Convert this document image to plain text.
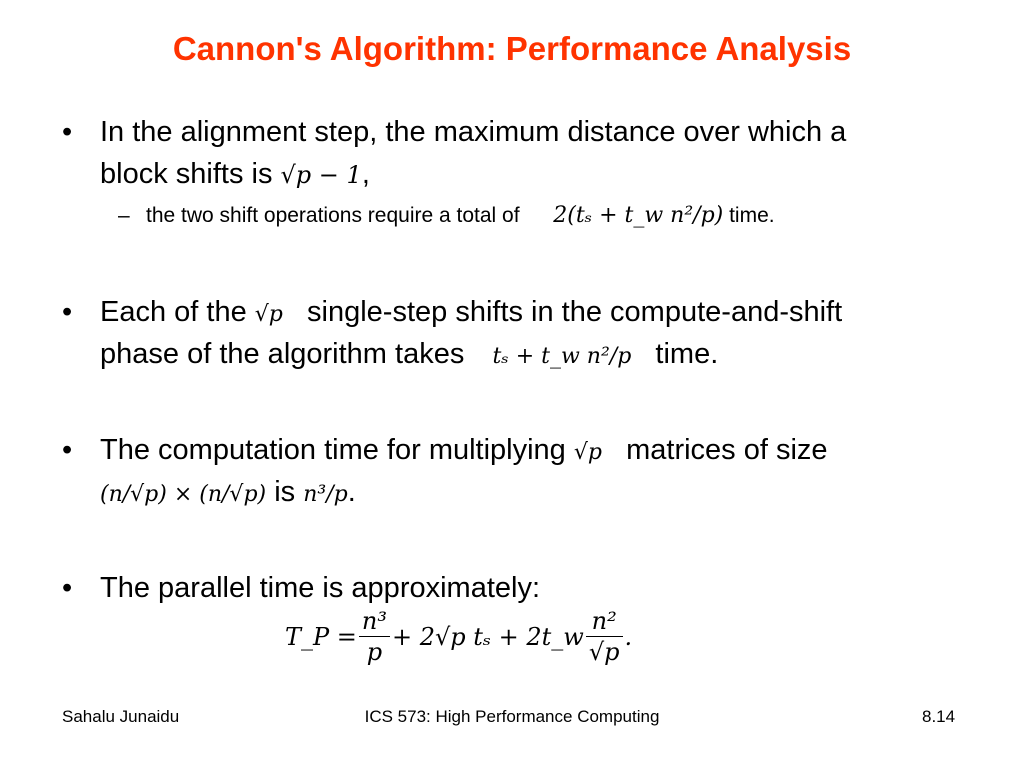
Cannon's Algorithm: Performance Analysis
• In the alignment step, the maximum distance over which a
block shifts is √p − 1,
– the two shift operations require a total of 2(tₛ + t_w n²/p) time.
• Each of the √p single-step shifts in the compute-and-shift
phase of the algorithm takes tₛ + t_w n²/p time.
• The computation time for multiplying √p matrices of size
(n/√p) × (n/√p) is n³/p.
• The parallel time is approximately:
T_P = $\frac{\text{n³}}{p} + 2√p$ tₛ + 2t_w $\frac{\text{n²}}{√p}$ .
Sahalu Junaidu	ICS 573: High Performance Computing	8.14
